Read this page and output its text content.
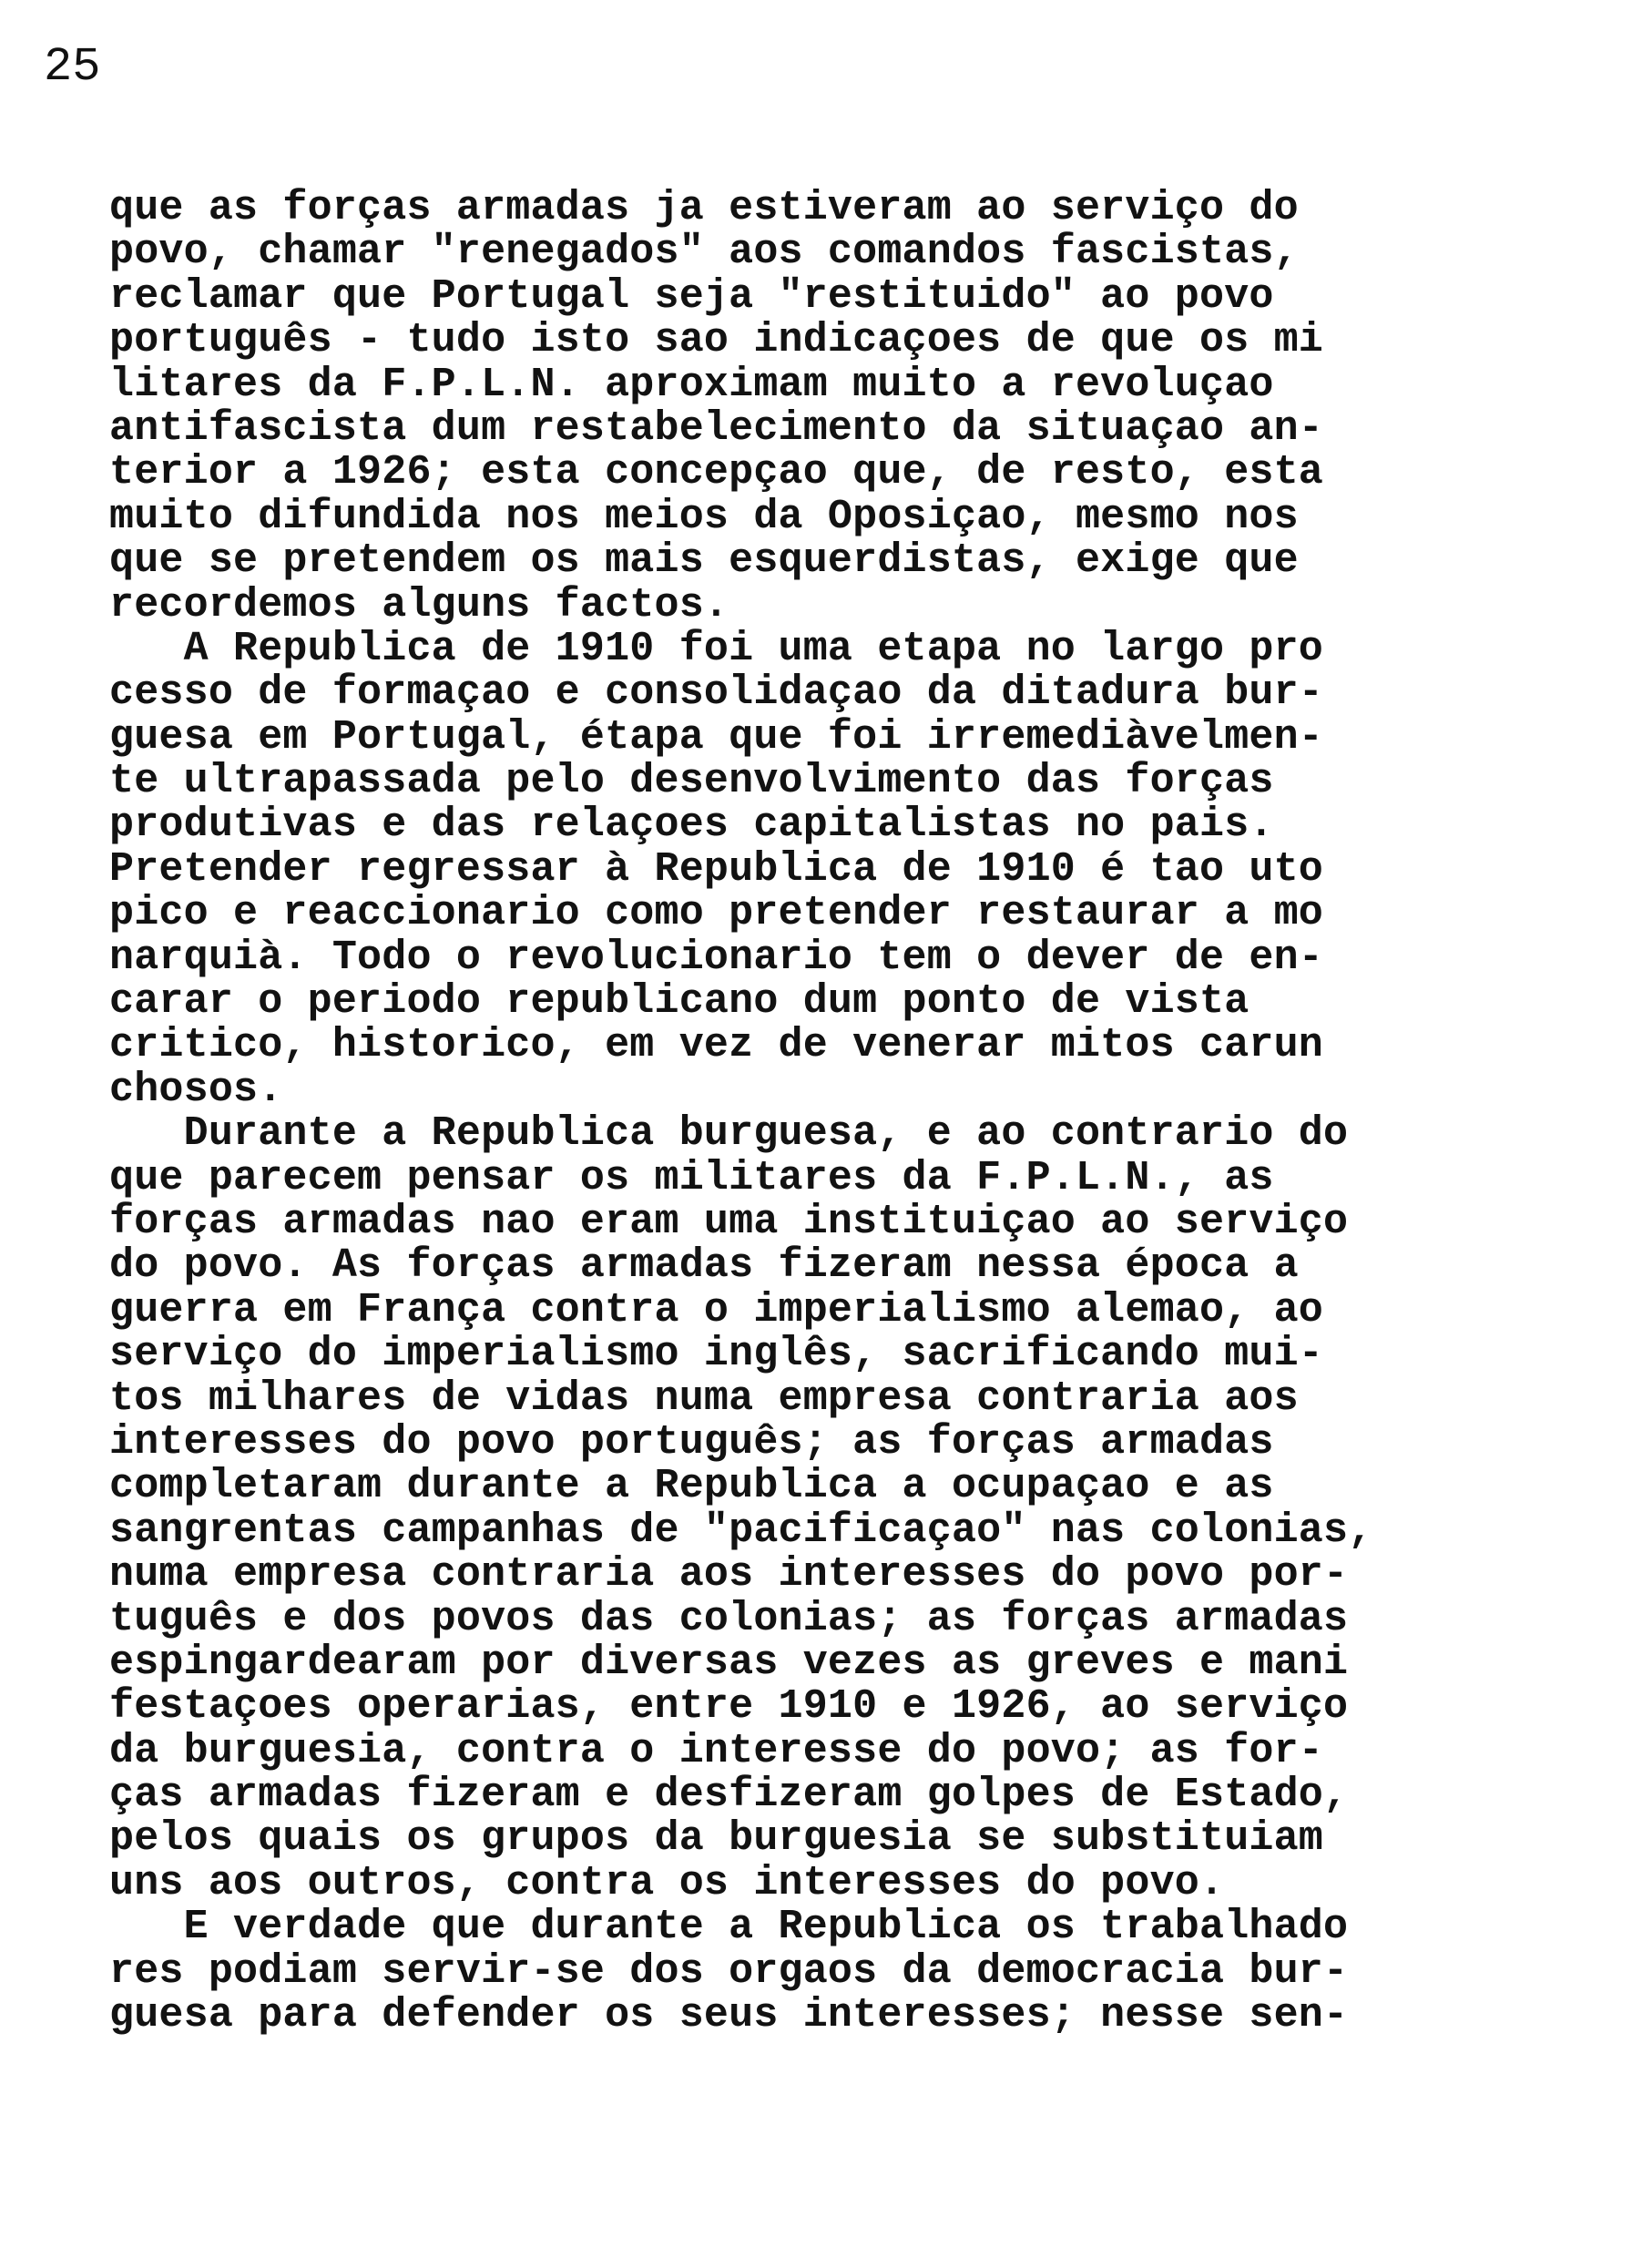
25
que as forças armadas ja estiveram ao serviço do
povo, chamar "renegados" aos comandos fascistas,
reclamar que Portugal seja "restituido" ao povo
português - tudo isto sao indicaçoes de que os mi
litares da F.P.L.N. aproximam muito a revoluçao
antifascista dum restabelecimento da situaçao an-
terior a 1926; esta concepçao que, de resto, esta
muito difundida nos meios da Oposiçao, mesmo nos
que se pretendem os mais esquerdistas, exige que
recordemos alguns factos.
A Republica de 1910 foi uma etapa no largo pro
cesso de formaçao e consolidaçao da ditadura bur-
guesa em Portugal, étapa que foi irremediàvelmen-
te ultrapassada pelo desenvolvimento das forças
produtivas e das relaçoes capitalistas no pais.
Pretender regressar à Republica de 1910 é tao uto
pico e reaccionario como pretender restaurar a mo
narquià. Todo o revolucionario tem o dever de en-
carar o periodo republicano dum ponto de vista
critico, historico, em vez de venerar mitos carun
chosos.
Durante a Republica burguesa, e ao contrario do
que parecem pensar os militares da F.P.L.N., as
forças armadas nao eram uma instituiçao ao serviço
do povo. As forças armadas fizeram nessa época a
guerra em França contra o imperialismo alemao, ao
serviço do imperialismo inglês, sacrificando mui-
tos milhares de vidas numa empresa contraria aos
interesses do povo português; as forças armadas
completaram durante a Republica a ocupaçao e as
sangrentas campanhas de "pacificaçao" nas colonias,
numa empresa contraria aos interesses do povo por-
tuguês e dos povos das colonias; as forças armadas
espingardearam por diversas vezes as greves e mani
festaçoes operarias, entre 1910 e 1926, ao serviço
da burguesia, contra o interesse do povo; as for-
ças armadas fizeram e desfizeram golpes de Estado,
pelos quais os grupos da burguesia se substituiam
uns aos outros, contra os interesses do povo.
E verdade que durante a Republica os trabalhado
res podiam servir-se dos orgaos da democracia bur-
guesa para defender os seus interesses; nesse sen-
